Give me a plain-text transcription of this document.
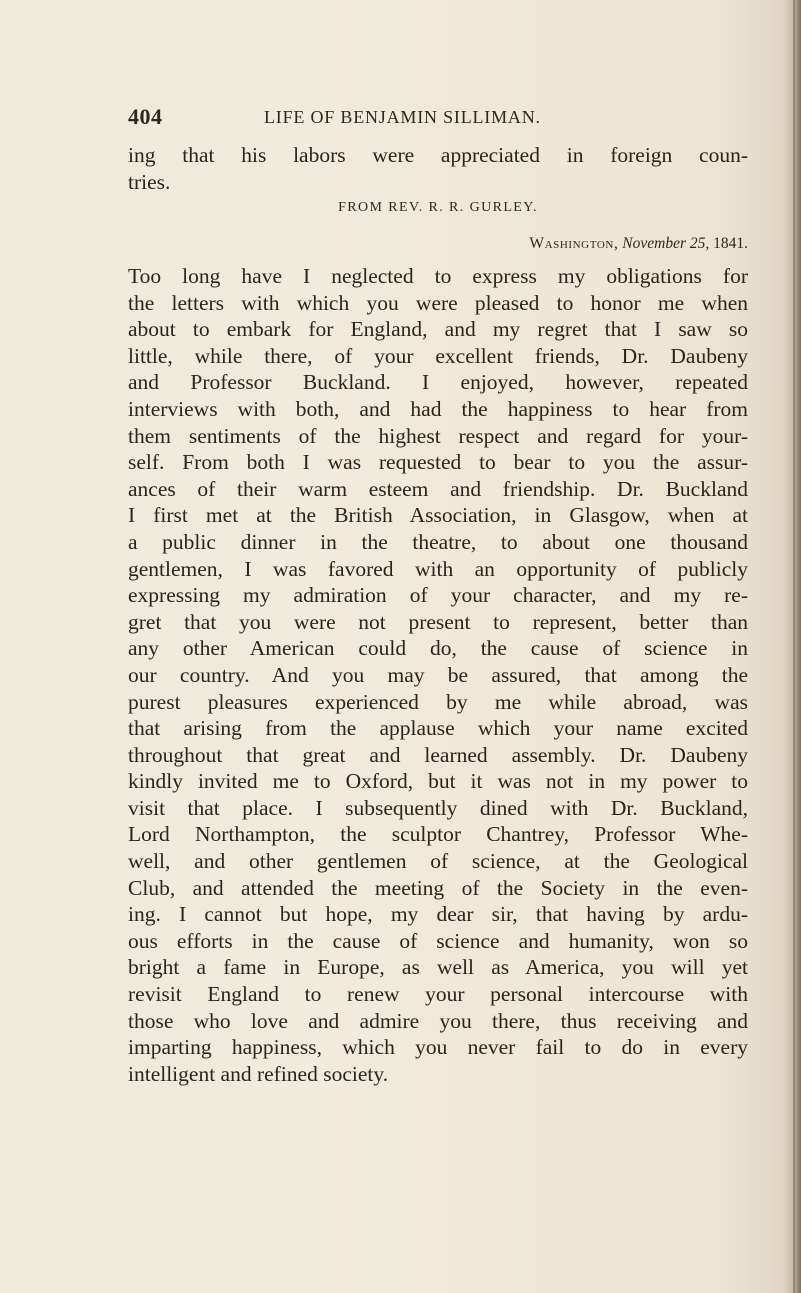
404	LIFE OF BENJAMIN SILLIMAN.
ing that his labors were appreciated in foreign coun-
tries.
FROM REV. R. R. GURLEY.
Washington, November 25, 1841.
Too long have I neglected to express my obligations for
the letters with which you were pleased to honor me when
about to embark for England, and my regret that I saw so
little, while there, of your excellent friends, Dr. Daubeny
and Professor Buckland. I enjoyed, however, repeated
interviews with both, and had the happiness to hear from
them sentiments of the highest respect and regard for your-
self. From both I was requested to bear to you the assur-
ances of their warm esteem and friendship. Dr. Buckland
I first met at the British Association, in Glasgow, when at
a public dinner in the theatre, to about one thousand
gentlemen, I was favored with an opportunity of publicly
expressing my admiration of your character, and my re-
gret that you were not present to represent, better than
any other American could do, the cause of science in
our country. And you may be assured, that among the
purest pleasures experienced by me while abroad, was
that arising from the applause which your name excited
throughout that great and learned assembly. Dr. Daubeny
kindly invited me to Oxford, but it was not in my power to
visit that place. I subsequently dined with Dr. Buckland,
Lord Northampton, the sculptor Chantrey, Professor Whe-
well, and other gentlemen of science, at the Geological
Club, and attended the meeting of the Society in the even-
ing. I cannot but hope, my dear sir, that having by ardu-
ous efforts in the cause of science and humanity, won so
bright a fame in Europe, as well as America, you will yet
revisit England to renew your personal intercourse with
those who love and admire you there, thus receiving and
imparting happiness, which you never fail to do in every
intelligent and refined society.
